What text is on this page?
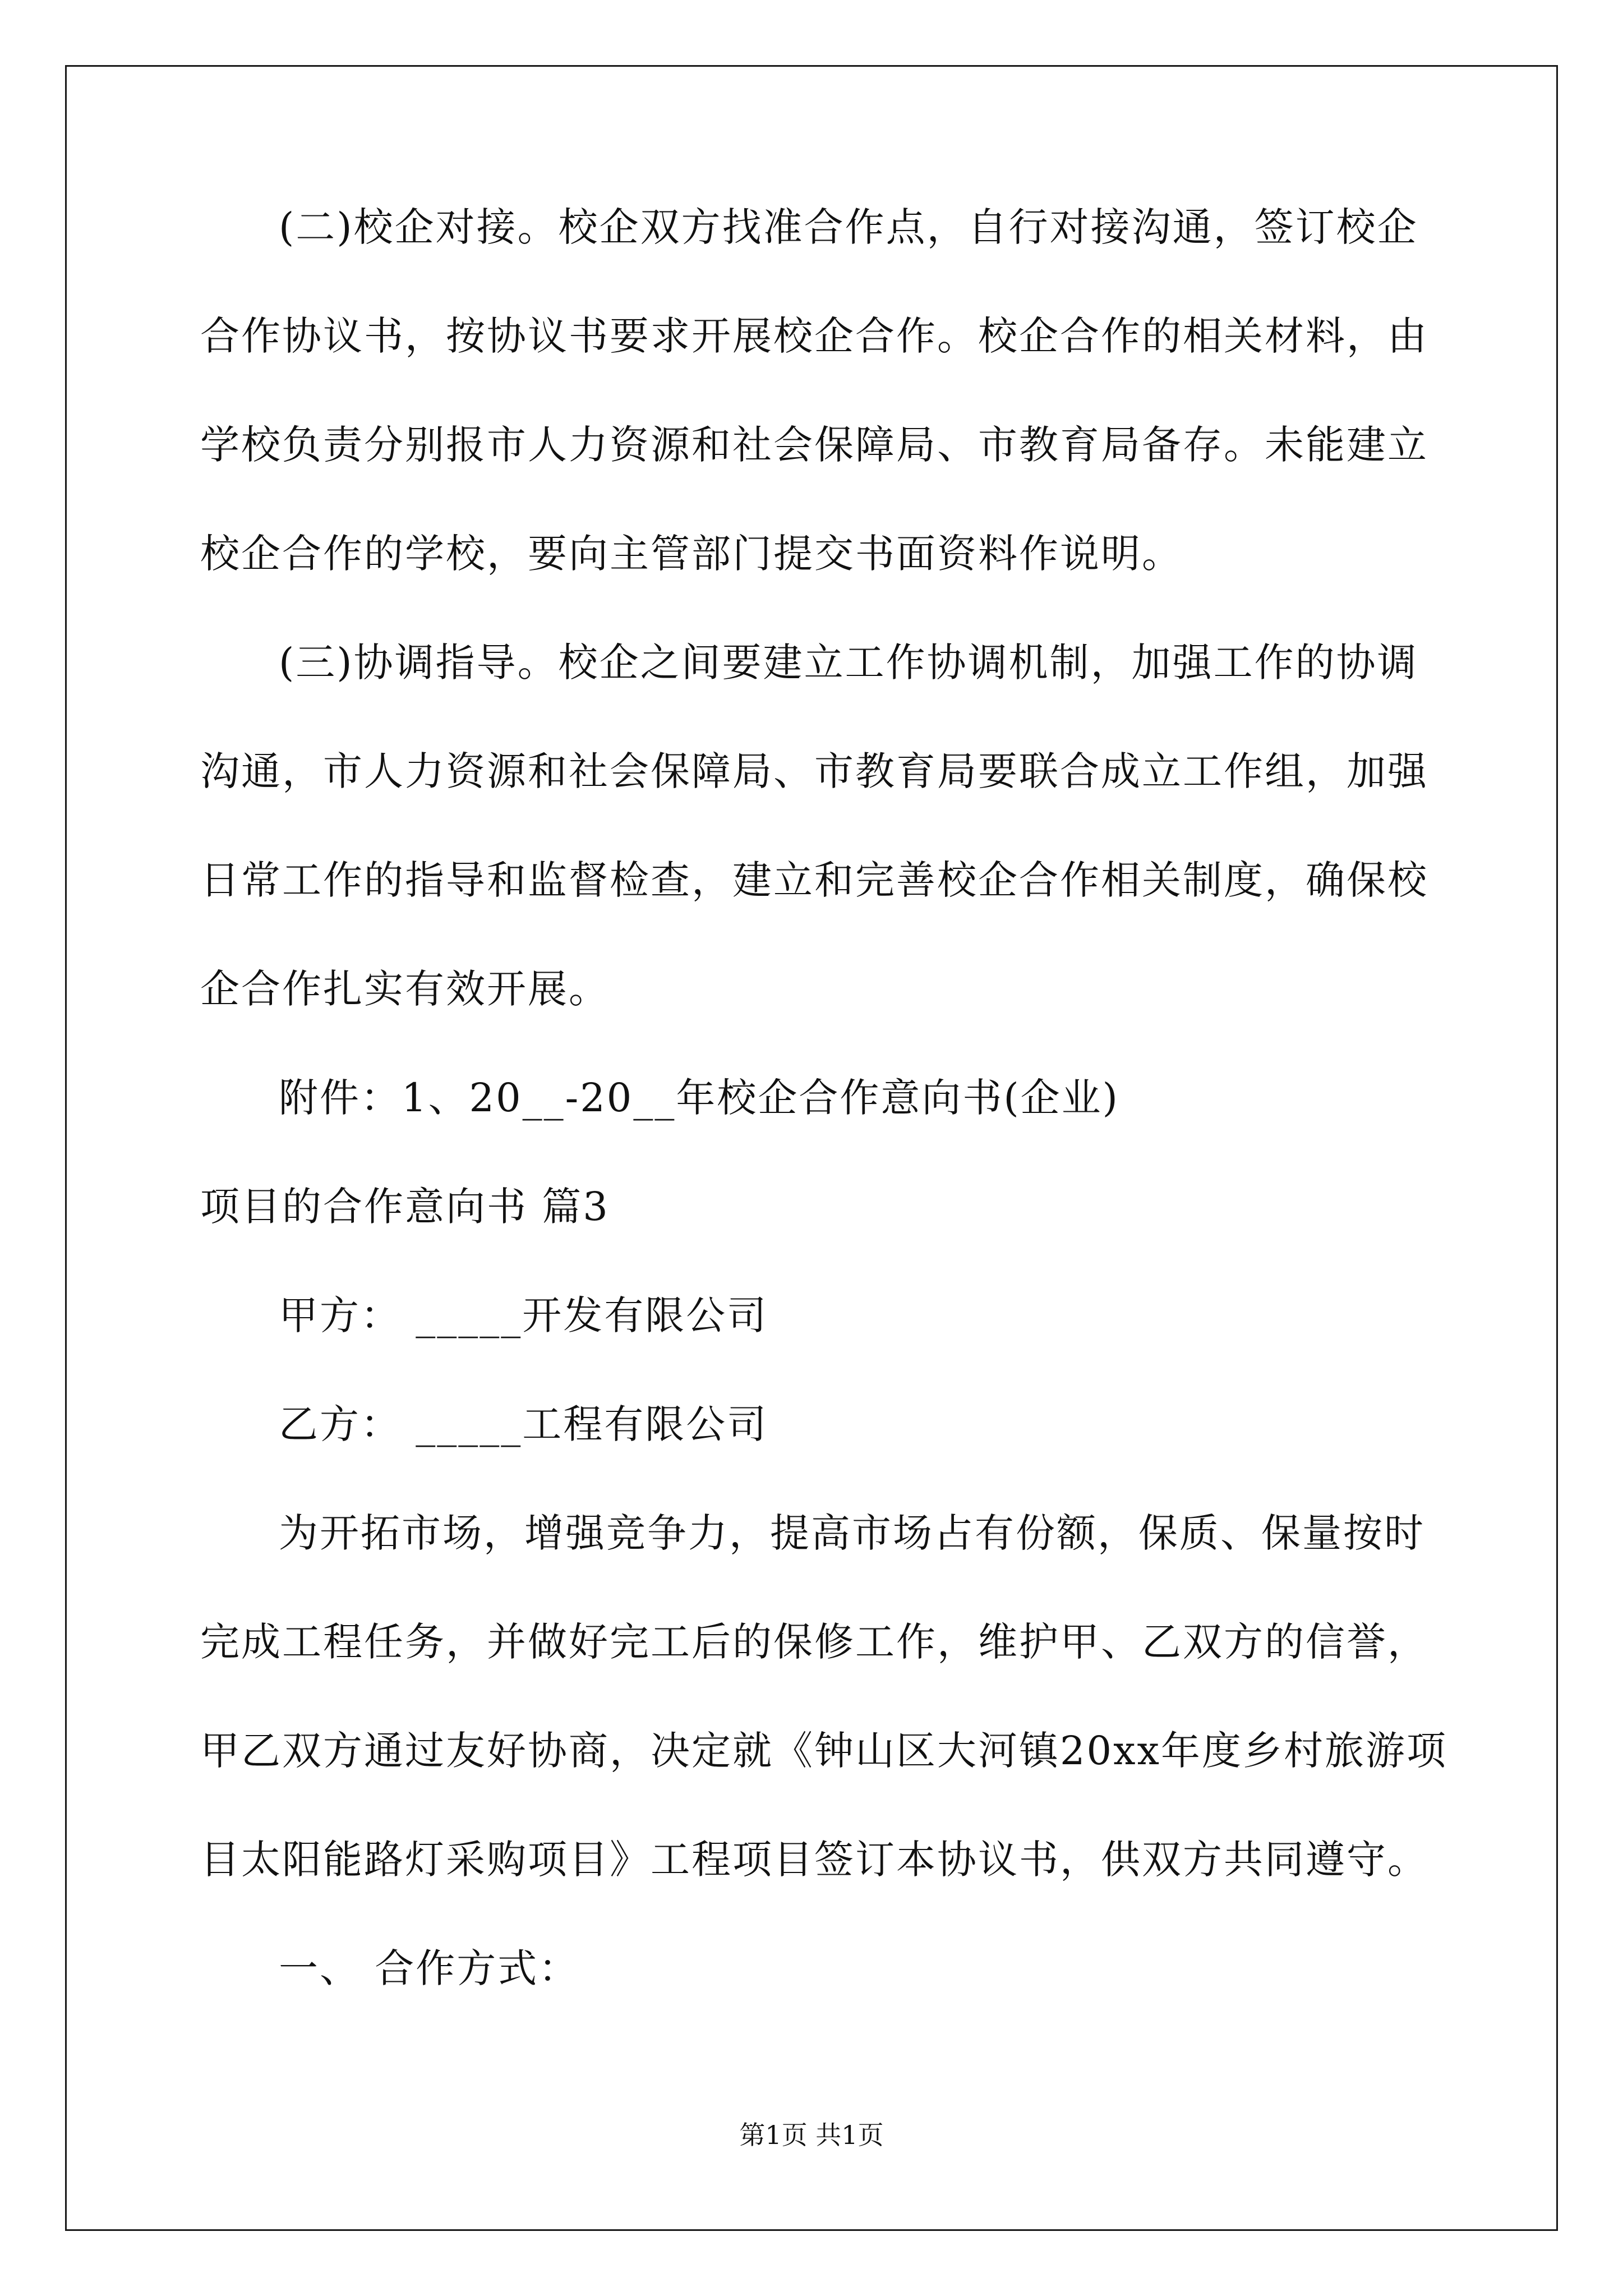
(二)校企对接。校企双方找准合作点，自行对接沟通，签订校企
合作协议书，按协议书要求开展校企合作。校企合作的相关材料，由
学校负责分别报市人力资源和社会保障局、市教育局备存。未能建立
校企合作的学校，要向主管部门提交书面资料作说明。
(三)协调指导。校企之间要建立工作协调机制，加强工作的协调
沟通，市人力资源和社会保障局、市教育局要联合成立工作组，加强
日常工作的指导和监督检查，建立和完善校企合作相关制度，确保校
企合作扎实有效开展。
附件：1、20__-20__年校企合作意向书(企业)
项目的合作意向书 篇3
甲方： _____开发有限公司
乙方： _____工程有限公司
为开拓市场，增强竞争力，提高市场占有份额，保质、保量按时
完成工程任务，并做好完工后的保修工作，维护甲、乙双方的信誉，
甲乙双方通过友好协商，决定就《钟山区大河镇20xx年度乡村旅游项
目太阳能路灯采购项目》工程项目签订本协议书，供双方共同遵守。
一、 合作方式：
第1页 共1页
